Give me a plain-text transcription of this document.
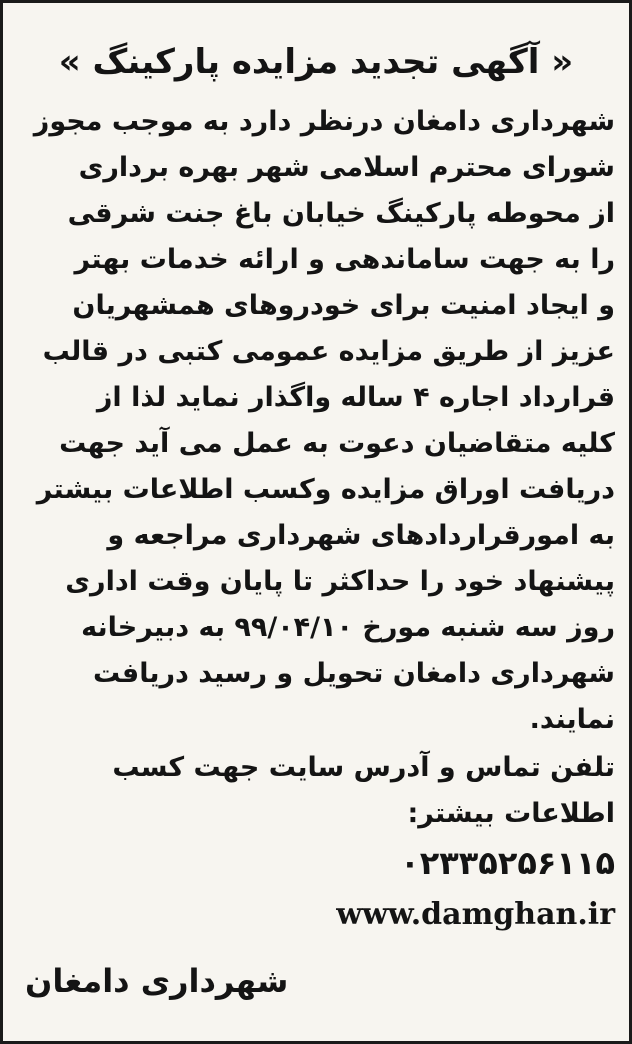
« آگهی تجدید مزایده پارکینگ »
شهرداری دامغان درنظر دارد به موجب مجوز
شورای محترم اسلامی شهر بهره برداری
از محوطه پارکینگ خیابان باغ جنت شرقی
را به جهت ساماندهی و ارائه خدمات بهتر
و ایجاد امنیت برای خودروهای همشهریان
عزیز از طریق مزایده عمومی کتبی در قالب
قرارداد اجاره ۴ ساله واگذار نماید لذا از
کلیه متقاضیان دعوت به عمل می آید جهت
دریافت اوراق مزایده وکسب اطلاعات بیشتر
به امورقراردادهای شهرداری مراجعه و
پیشنهاد خود را حداکثر تا پایان وقت اداری
روز سه شنبه مورخ ۹۹/۰۴/۱۰ به دبیرخانه
شهرداری دامغان تحویل و رسید دریافت
نمایند.
تلفن تماس و آدرس سایت جهت کسب
اطلاعات بیشتر:
۰۲۳۳۵۲۵۶۱۱۵
www.damghan.ir
شهرداری دامغان
